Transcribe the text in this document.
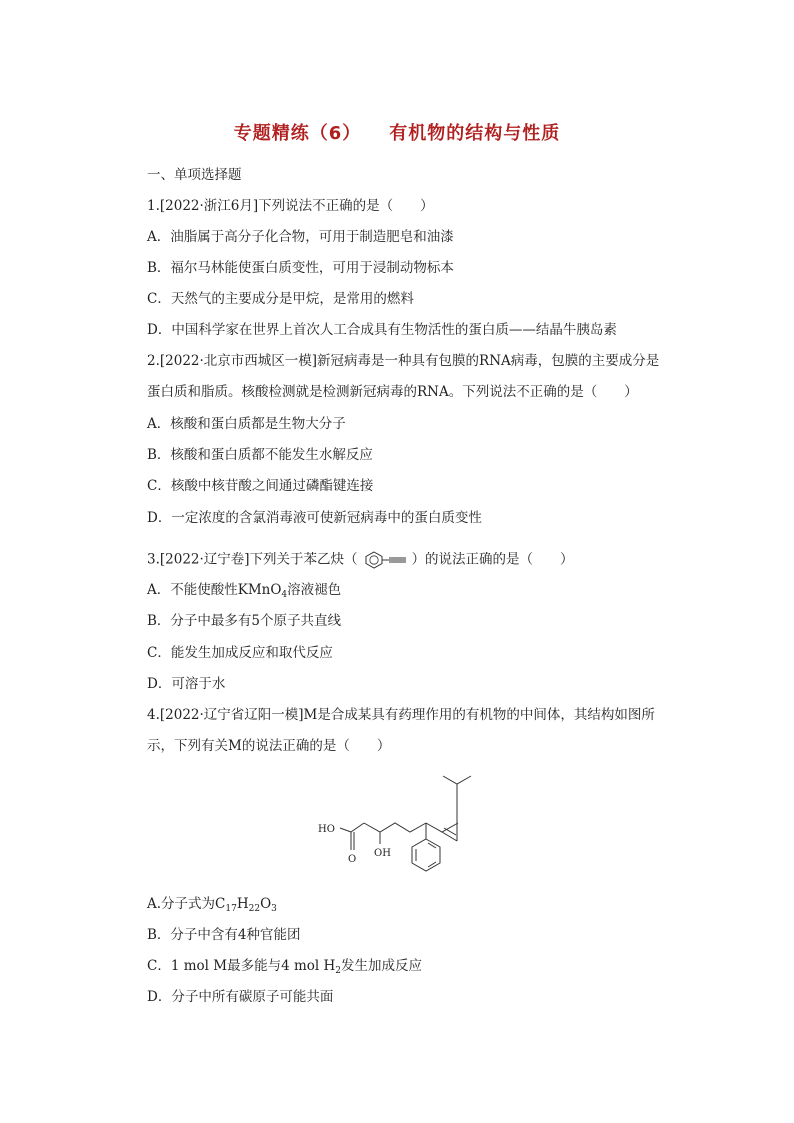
专题精练（6） 有机物的结构与性质
一、单项选择题
1.[2022·浙江6月]下列说法不正确的是（　　）
A．油脂属于高分子化合物，可用于制造肥皂和油漆
B．福尔马林能使蛋白质变性，可用于浸制动物标本
C．天然气的主要成分是甲烷，是常用的燃料
D．中国科学家在世界上首次人工合成具有生物活性的蛋白质——结晶牛胰岛素
2.[2022·北京市西城区一模]新冠病毒是一种具有包膜的RNA病毒，包膜的主要成分是
蛋白质和脂质。核酸检测就是检测新冠病毒的RNA。下列说法不正确的是（　　）
A．核酸和蛋白质都是生物大分子
B．核酸和蛋白质都不能发生水解反应
C．核酸中核苷酸之间通过磷酯键连接
D．一定浓度的含氯消毒液可使新冠病毒中的蛋白质变性
3.[2022·辽宁卷]下列关于苯乙炔（	）的说法正确的是（　　）
A．不能使酸性KMnO$_4$溶液褪色
B．分子中最多有5个原子共直线
C．能发生加成反应和取代反应
D．可溶于水
4.[2022·辽宁省辽阳一模]M是合成某具有药理作用的有机物的中间体，其结构如图所
示，下列有关M的说法正确的是（　　）
HO
O
OH
A.分子式为$C_{17}H_{22}O_3$
B．分子中含有4种官能团
C．1 mol M最多能与4 mol $H_2$发生加成反应
D．分子中所有碳原子可能共面
